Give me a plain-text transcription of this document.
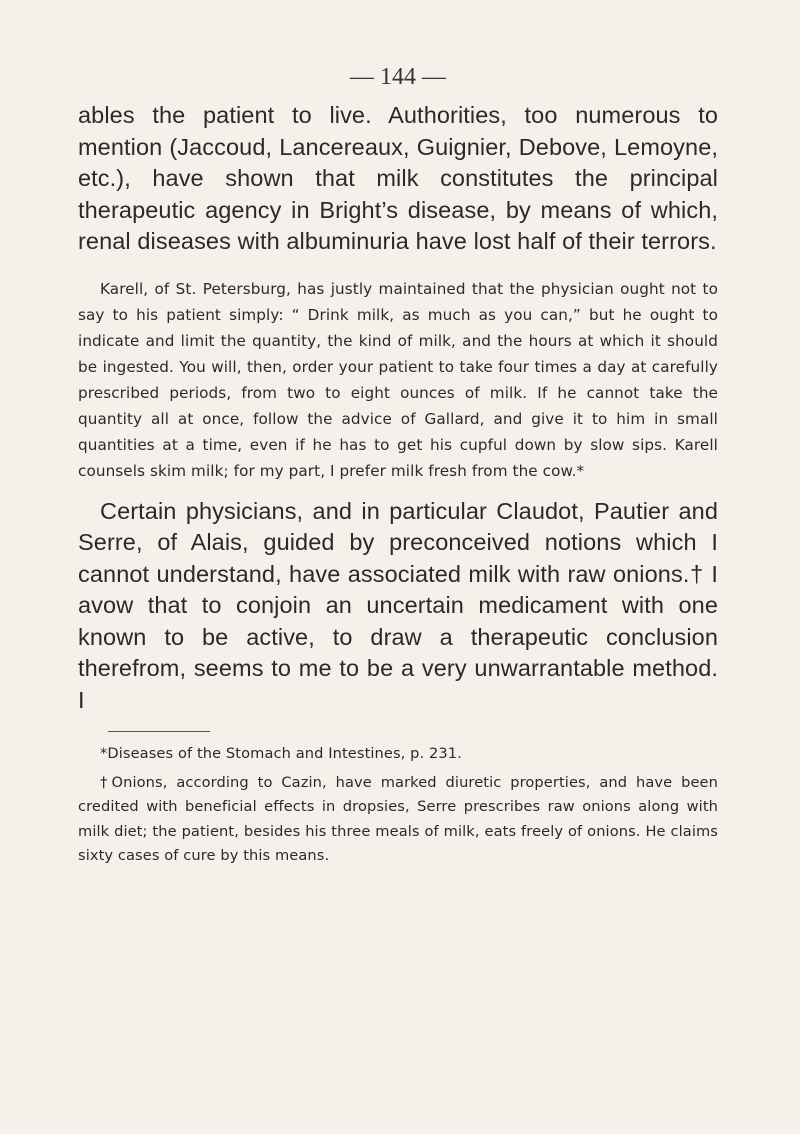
— 144 —

ables the patient to live. Authorities, too numerous to mention (Jaccoud, Lancereaux, Guignier, Debove, Lemoyne, etc.), have shown that milk constitutes the principal therapeutic agency in Bright’s disease, by means of which, renal diseases with albuminuria have lost half of their terrors.

Karell, of St. Petersburg, has justly maintained that the physician ought not to say to his patient simply: “ Drink milk, as much as you can,” but he ought to indicate and limit the quantity, the kind of milk, and the hours at which it should be ingested. You will, then, order your patient to take four times a day at carefully prescribed periods, from two to eight ounces of milk. If he cannot take the quantity all at once, follow the advice of Gallard, and give it to him in small quantities at a time, even if he has to get his cupful down by slow sips. Karell counsels skim milk; for my part, I prefer milk fresh from the cow.*

Certain physicians, and in particular Claudot, Pautier and Serre, of Alais, guided by preconceived notions which I cannot understand, have associated milk with raw onions.† I avow that to conjoin an uncertain medicament with one known to be active, to draw a therapeutic conclusion therefrom, seems to me to be a very unwarrantable method. I

*Diseases of the Stomach and Intestines, p. 231.

†Onions, according to Cazin, have marked diuretic properties, and have been credited with beneficial effects in dropsies, Serre prescribes raw onions along with milk diet; the patient, besides his three meals of milk, eats freely of onions. He claims sixty cases of cure by this means.
